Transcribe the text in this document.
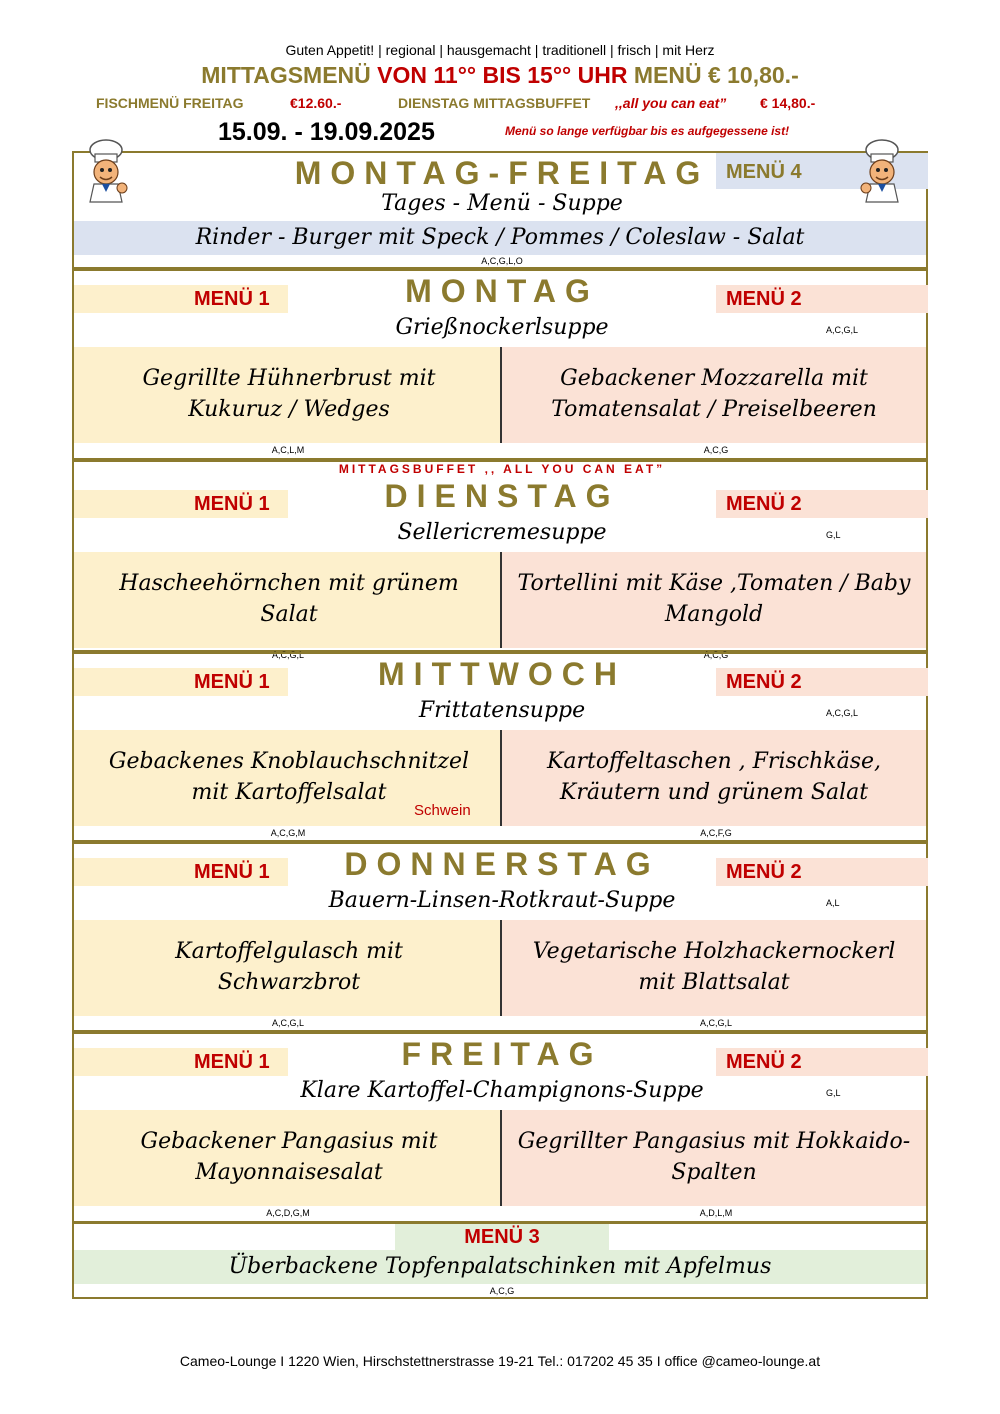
Guten Appetit! | regional | hausgemacht | traditionell | frisch | mit Herz
MITTAGSMENÜ VON 11°° BIS 15°° UHR MENÜ € 10,80.-
FISCHMENÜ FREITAG	€12.60.-	DIENSTAG MITTAGSBUFFET ,,all you can eat” € 14,80.-
15.09. - 19.09.2025	Menü so lange verfügbar bis es aufgegessene ist!
MONTAG-FREITAG MENÜ 4
Tages - Menü - Suppe
Rinder - Burger mit Speck / Pommes / Coleslaw - Salat
A,C,G,L,O
MENÜ 1	MENÜ 2
MONTAG
Grießnockerlsuppe	A,C,G,L
Gegrillte Hühnerbrust mit Kukuruz / Wedges
Gebackener Mozzarella mit Tomatensalat / Preiselbeeren
A,C,L,M	A,C,G
MITTAGSBUFFET ,, ALL YOU CAN EAT”
MENÜ 1	MENÜ 2
DIENSTAG
Sellericremesuppe	G,L
Hascheehörnchen mit grünem Salat
Tortellini mit Käse ,Tomaten / Baby Mangold
A,C,G,L	A,C,G
MENÜ 1	MENÜ 2
MITTWOCH
Frittatensuppe	A,C,G,L
Gebackenes Knoblauchschnitzel mit Kartoffelsalat
Schwein
Kartoffeltaschen , Frischkäse, Kräutern und grünem Salat
A,C,G,M	A,C,F,G
MENÜ 1	MENÜ 2
DONNERSTAG
Bauern-Linsen-Rotkraut-Suppe	A,L
Kartoffelgulasch mit Schwarzbrot
Vegetarische Holzhackernockerl mit Blattsalat
A,C,G,L	A,C,G,L
MENÜ 1	MENÜ 2
FREITAG
Klare Kartoffel-Champignons-Suppe	G,L
Gebackener Pangasius mit Mayonnaisesalat
Gegrillter Pangasius mit Hokkaido-Spalten
A,C,D,G,M	A,D,L,M
MENÜ 3
Überbackene Topfenpalatschinken mit Apfelmus
A,C,G
Cameo-Lounge I 1220 Wien, Hirschstettnerstrasse 19-21 Tel.: 017202 45 35 I office @cameo-lounge.at
